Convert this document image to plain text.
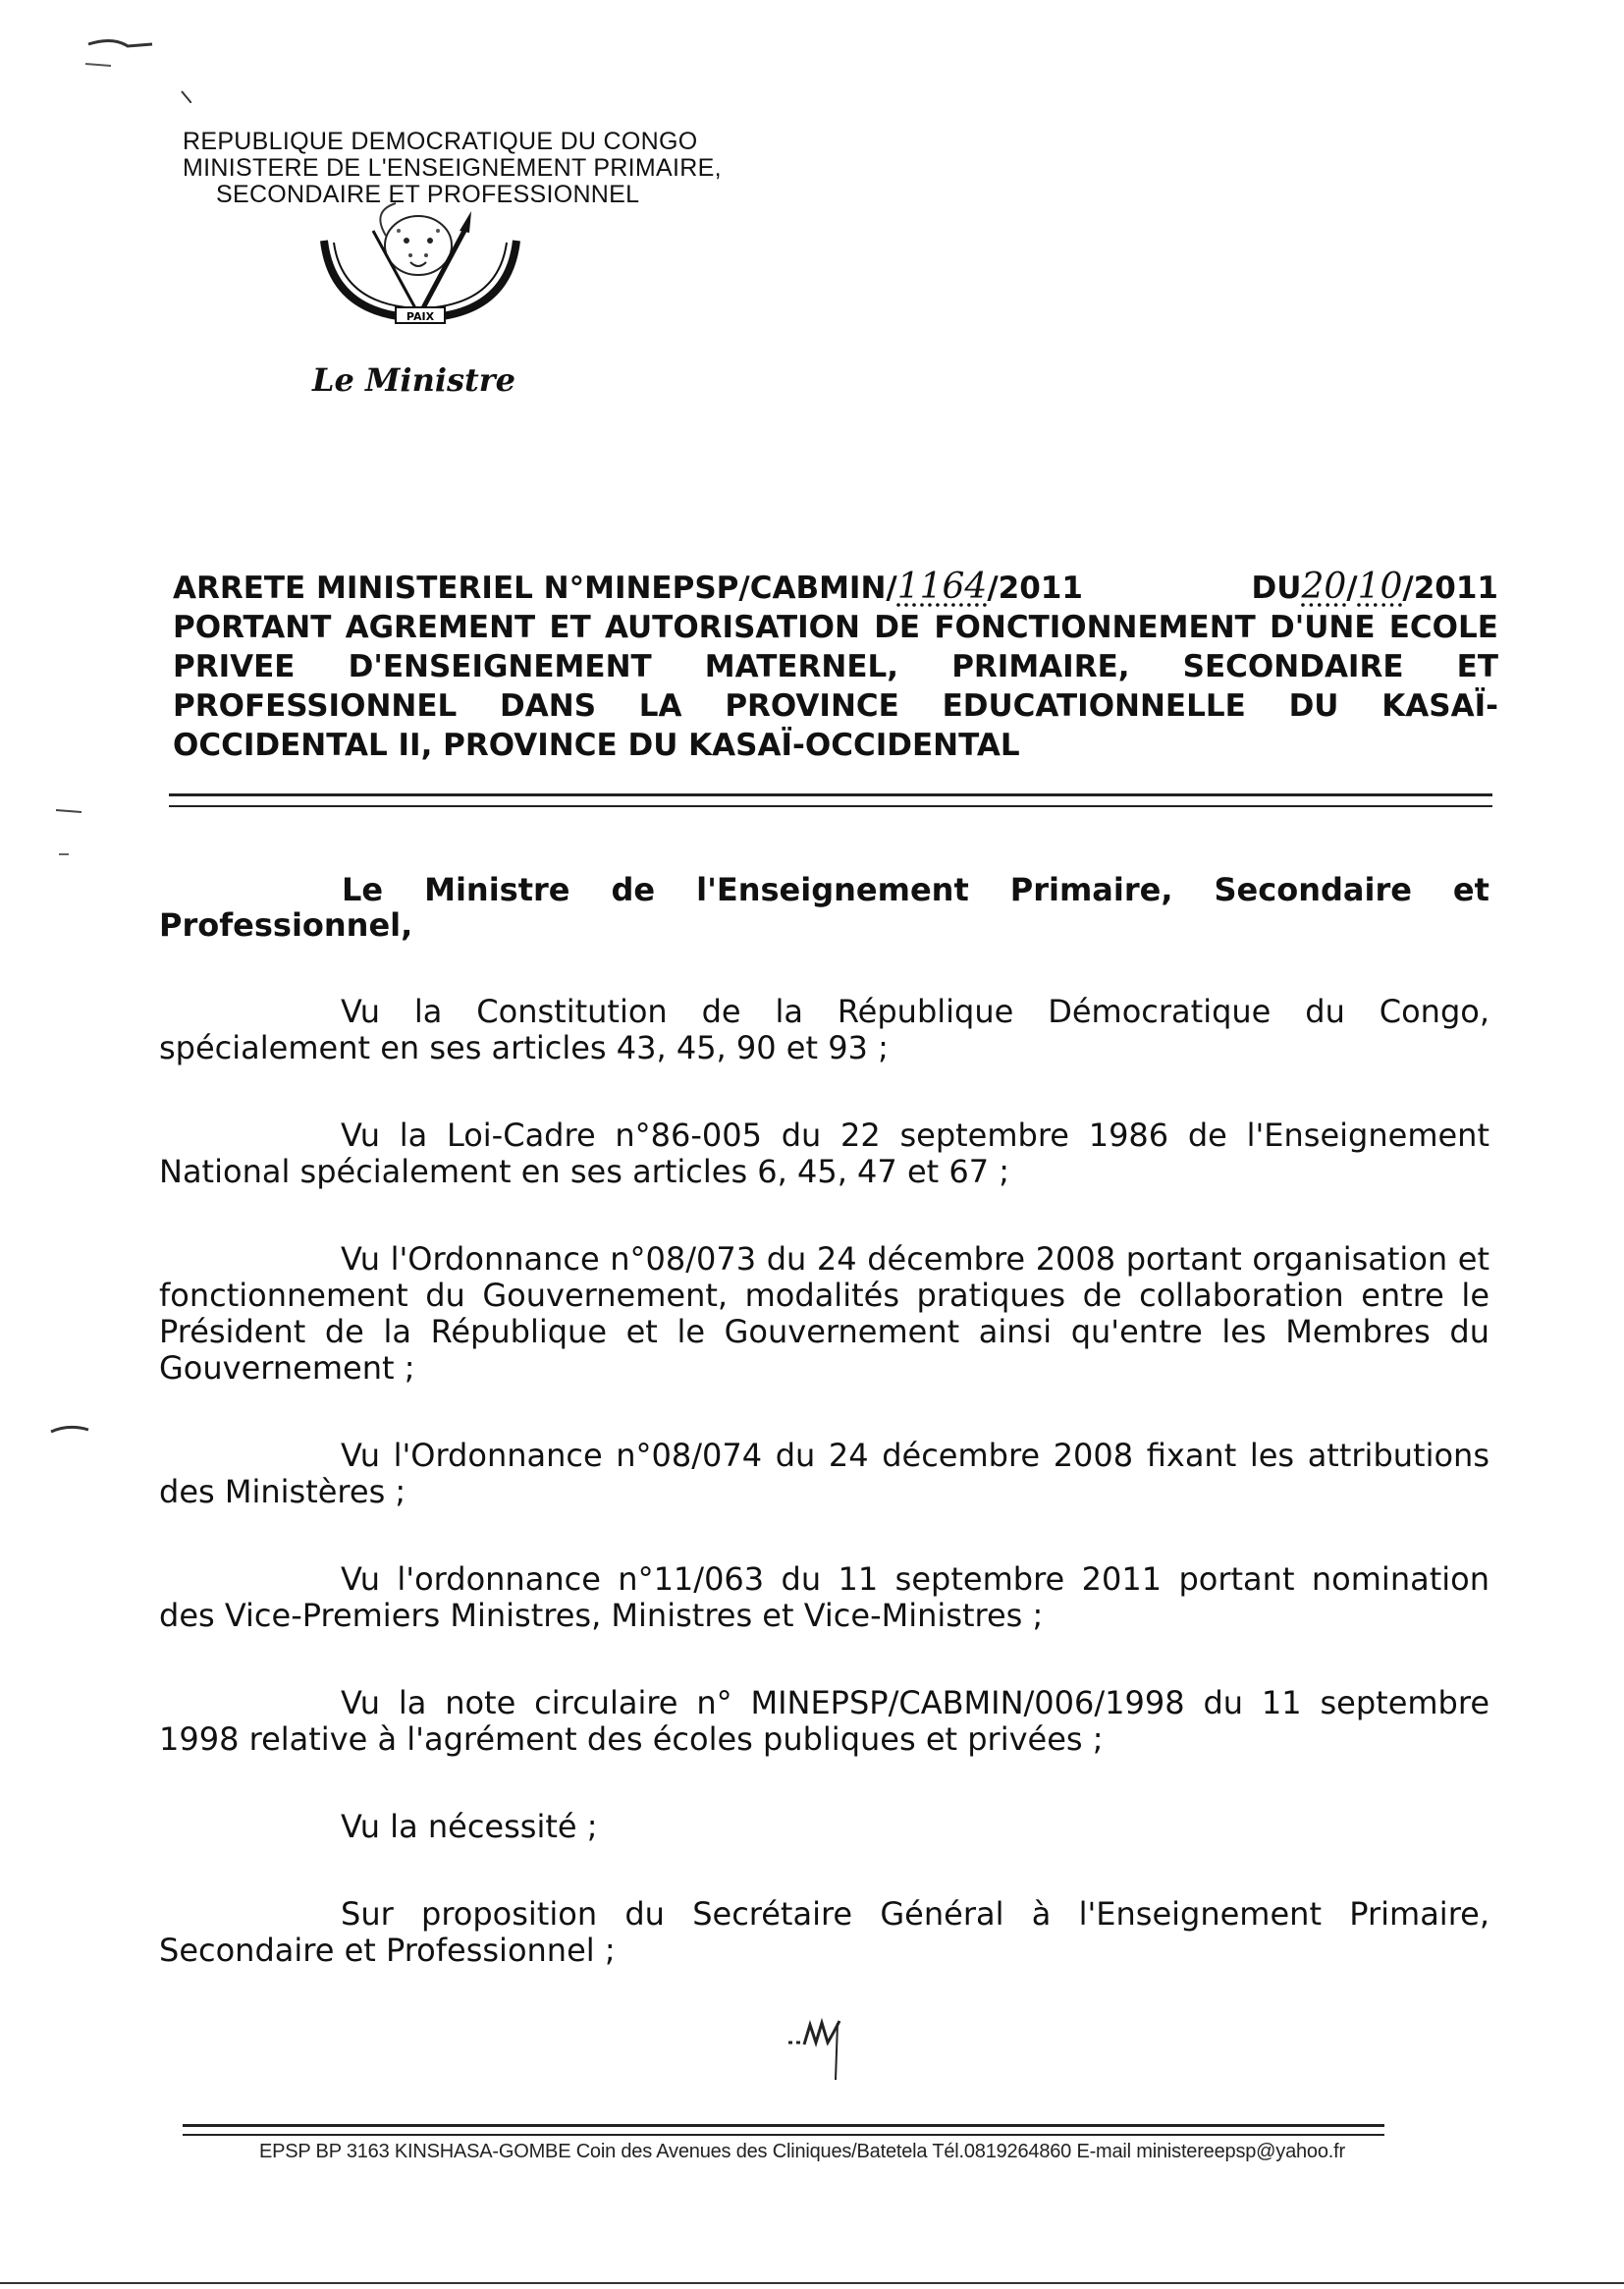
REPUBLIQUE DEMOCRATIQUE DU CONGO
MINISTERE DE L'ENSEIGNEMENT PRIMAIRE,
SECONDAIRE ET PROFESSIONNEL
PAIX
Le Ministre
ARRETE MINISTERIEL N°MINEPSP/CABMIN/1164/2011	DU20/10/2011
PORTANT AGREMENT ET AUTORISATION DE FONCTIONNEMENT D'UNE ECOLE
PRIVEE D'ENSEIGNEMENT MATERNEL, PRIMAIRE, SECONDAIRE ET
PROFESSIONNEL DANS LA PROVINCE EDUCATIONNELLE DU KASAÏ-
OCCIDENTAL II, PROVINCE DU KASAÏ-OCCIDENTAL
Le Ministre de l'Enseignement Primaire, Secondaire et
Professionnel,

Vu la Constitution de la République Démocratique du Congo, spécialement en ses articles 43, 45, 90 et 93 ;

Vu la Loi-Cadre n°86-005 du 22 septembre 1986 de l'Enseignement National spécialement en ses articles 6, 45, 47 et 67 ;

Vu l'Ordonnance n°08/073 du 24 décembre 2008 portant organisation et fonctionnement du Gouvernement, modalités pratiques de collaboration entre le Président de la République et le Gouvernement ainsi qu'entre les Membres du Gouvernement ;

Vu l'Ordonnance n°08/074 du 24 décembre 2008 fixant les attributions des Ministères ;

Vu l'ordonnance n°11/063 du 11 septembre 2011 portant nomination des Vice-Premiers Ministres, Ministres et Vice-Ministres ;

Vu la note circulaire n° MINEPSP/CABMIN/006/1998 du 11 septembre 1998 relative à l'agrément des écoles publiques et privées ;

Vu la nécessité ;

Sur proposition du Secrétaire Général à l'Enseignement Primaire, Secondaire et Professionnel ;

EPSP BP 3163 KINSHASA-GOMBE Coin des Avenues des Cliniques/Batetela Tél.0819264860 E-mail ministereepsp@yahoo.fr
